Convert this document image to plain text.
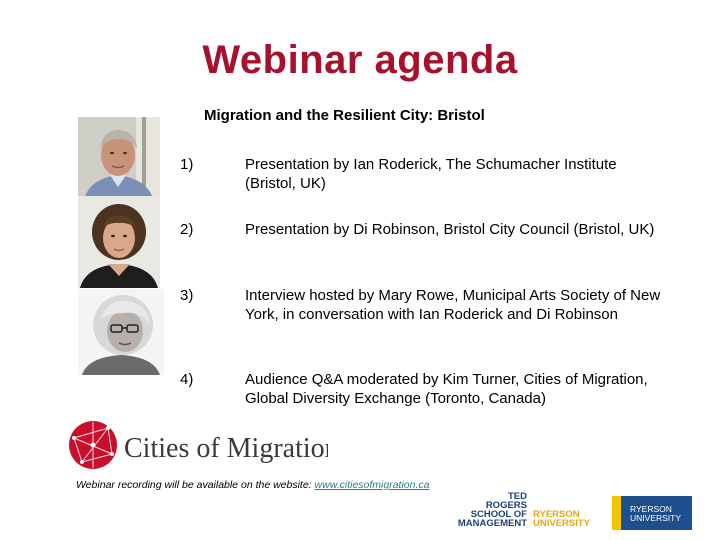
Webinar agenda
Migration and the Resilient City: Bristol
1)	Presentation by Ian Roderick, The Schumacher Institute (Bristol, UK)
2)	Presentation by Di Robinson, Bristol City Council (Bristol, UK)
3)	Interview hosted by Mary Rowe, Municipal Arts Society of New York, in conversation with Ian Roderick and Di Robinson
4)	Audience Q&A moderated by Kim Turner, Cities of Migration, Global Diversity Exchange (Toronto, Canada)
Cities of Migration
Webinar recording will be available on the website: www.citiesofmigration.ca
TED
ROGERS
SCHOOL OF
MANAGEMENT
RYERSON
UNIVERSITY
RYERSON
UNIVERSITY
